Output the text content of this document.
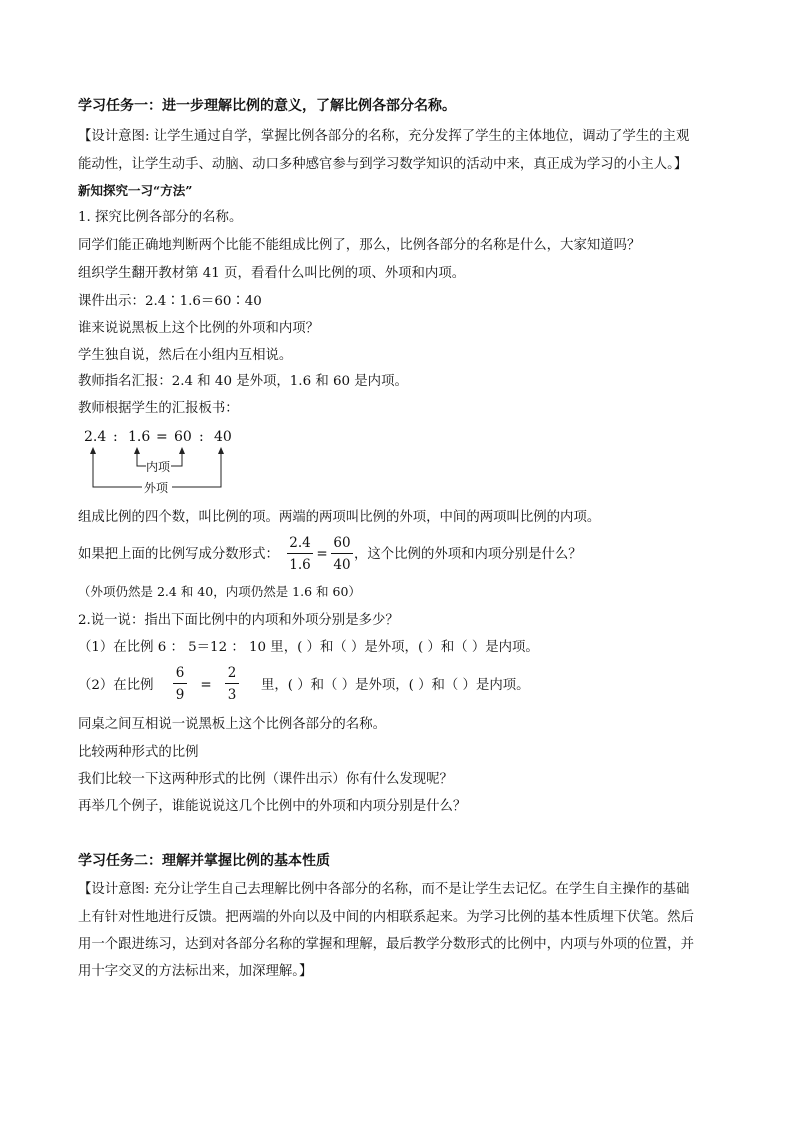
学习任务一：进一步理解比例的意义，了解比例各部分名称。
【设计意图: 让学生通过自学，掌握比例各部分的名称，充分发挥了学生的主体地位，调动了学生的主观
能动性，让学生动手、动脑、动口多种感官参与到学习数学知识的活动中来，真正成为学习的小主人。】
新知探究一习“方法”
1. 探究比例各部分的名称。
同学们能正确地判断两个比能不能组成比例了，那么，比例各部分的名称是什么，大家知道吗？
组织学生翻开教材第 41 页，看看什么叫比例的项、外项和内项。
课件出示：2.4∶1.6＝60∶40
谁来说说黑板上这个比例的外项和内项？
学生独自说，然后在小组内互相说。
教师指名汇报：2.4 和 40 是外项，1.6 和 60 是内项。
教师根据学生的汇报板书：
2.4 : 1.6 = 60 : 40
内项
外项
组成比例的四个数，叫比例的项。两端的两项叫比例的外项，中间的两项叫比例的内项。
如果把上面的比例写成分数形式：
2.4
1.6
=
60
40
，这个比例的外项和内项分别是什么？
（外项仍然是 2.4 和 40，内项仍然是 1.6 和 60）
2.说一说：指出下面比例中的内项和外项分别是多少？
（1）在比例 6 ： 5＝12 ： 10 里，( ）和（ ）是外项，( ）和（ ）是内项。
（2）在比例
6
9
=
2
3
里，( ）和（ ）是外项，( ）和（ ）是内项。
同桌之间互相说一说黑板上这个比例各部分的名称。
比较两种形式的比例
我们比较一下这两种形式的比例（课件出示）你有什么发现呢？
再举几个例子，谁能说说这几个比例中的外项和内项分别是什么？
学习任务二：理解并掌握比例的基本性质
【设计意图: 充分让学生自己去理解比例中各部分的名称，而不是让学生去记忆。在学生自主操作的基础
上有针对性地进行反馈。把两端的外向以及中间的内相联系起来。为学习比例的基本性质埋下伏笔。然后
用一个跟进练习，达到对各部分名称的掌握和理解，最后教学分数形式的比例中，内项与外项的位置，并
用十字交叉的方法标出来，加深理解。】
